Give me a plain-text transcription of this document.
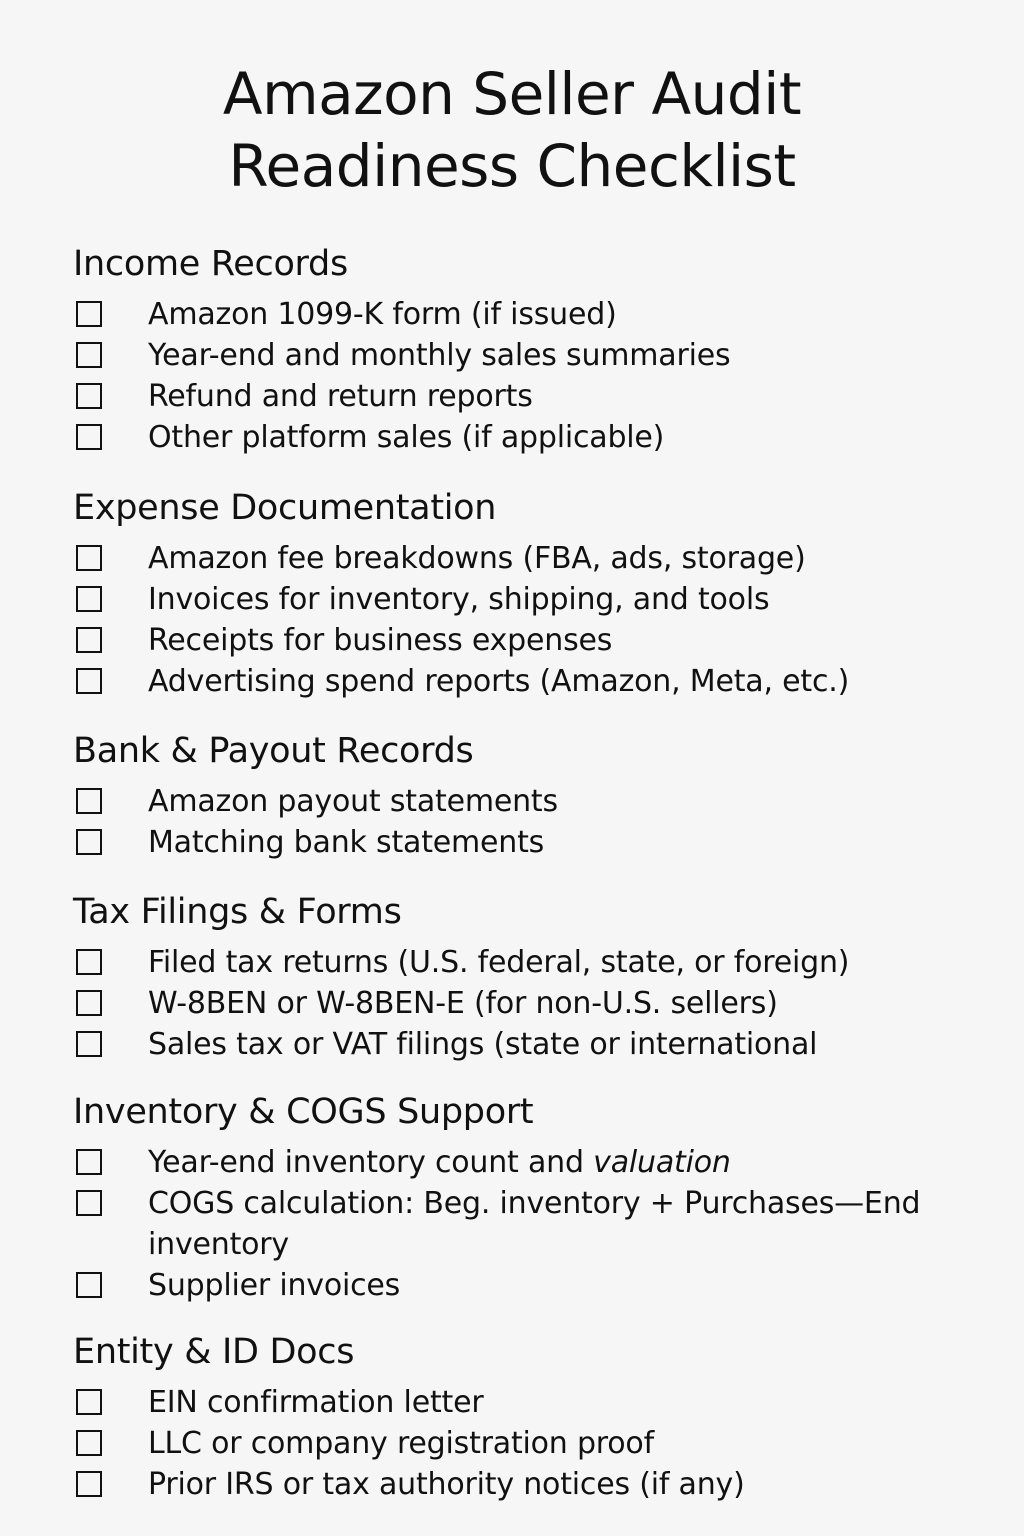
Amazon Seller Audit
Readiness Checklist
Income Records
Amazon 1099-K form (if issued)
Year-end and monthly sales summaries
Refund and return reports
Other platform sales (if applicable)
Expense Documentation
Amazon fee breakdowns (FBA, ads, storage)
Invoices for inventory, shipping, and tools
Receipts for business expenses
Advertising spend reports (Amazon, Meta, etc.)
Bank & Payout Records
Amazon payout statements
Matching bank statements
Tax Filings & Forms
Filed tax returns (U.S. federal, state, or foreign)
W-8BEN or W-8BEN-E (for non-U.S. sellers)
Sales tax or VAT filings (state or international
Inventory & COGS Support
Year-end inventory count and valuation
COGS calculation: Beg. inventory + Purchases—End inventory
Supplier invoices
Entity & ID Docs
EIN confirmation letter
LLC or company registration proof
Prior IRS or tax authority notices (if any)
